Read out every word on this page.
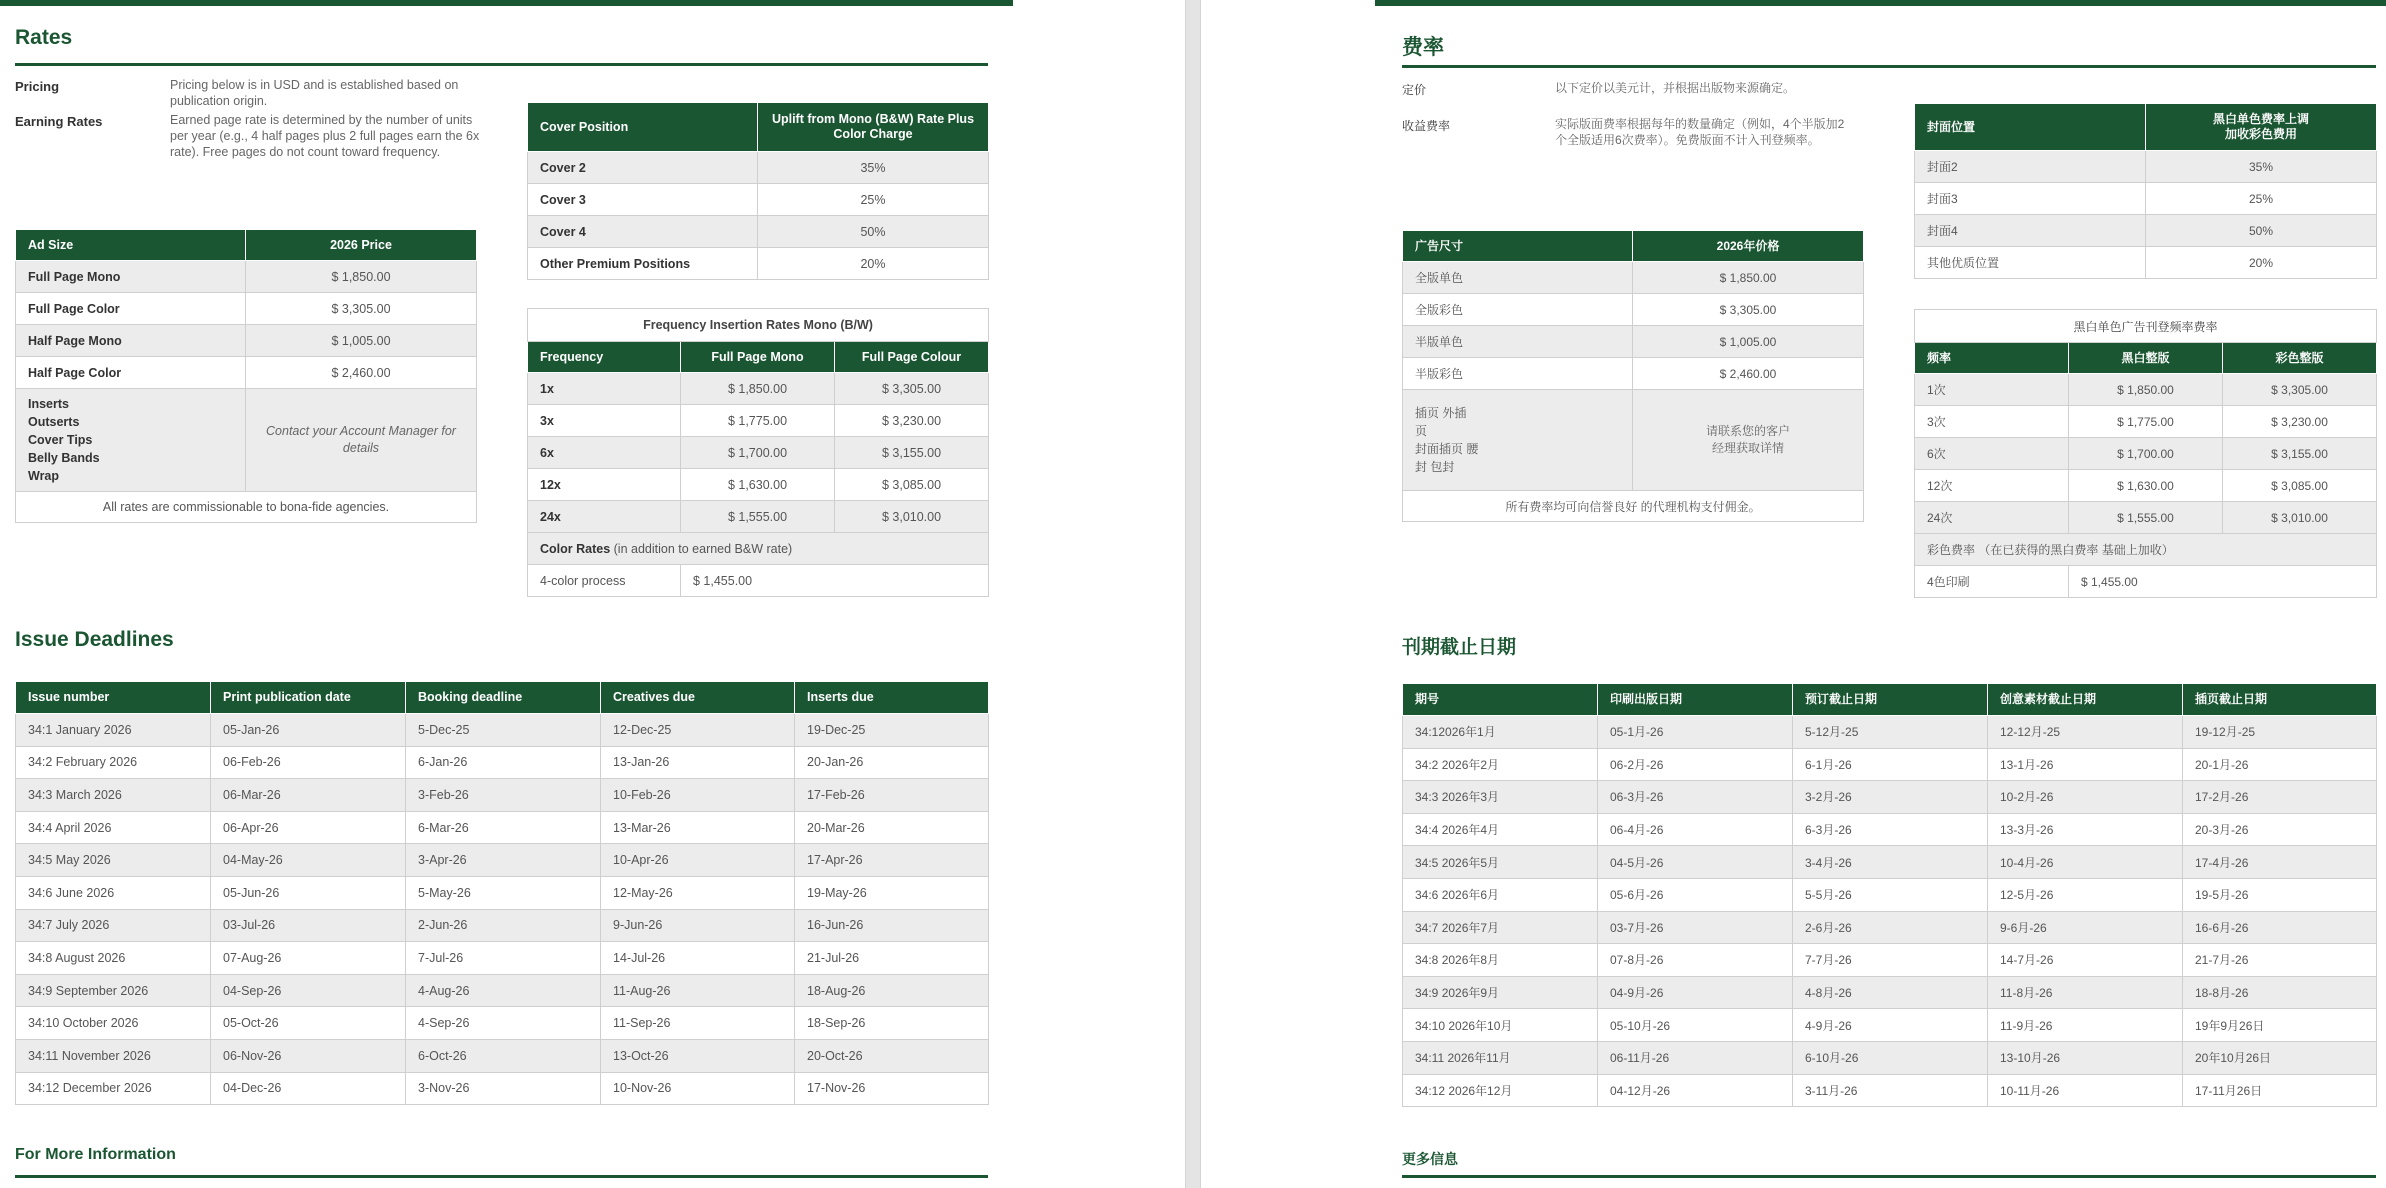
Rates
Pricing	Pricing below is in USD and is established based on publication origin.
Earning Rates	Earned page rate is determined by the number of units per year (e.g., 4 half pages plus 2 full pages earn the 6x rate). Free pages do not count toward frequency.
Ad Size	2026 Price
Full Page Mono	$ 1,850.00
Full Page Color	$ 3,305.00
Half Page Mono	$ 1,005.00
Half Page Color	$ 2,460.00

Inserts
Outserts
Cover Tips
Belly Bands
Wrap	Contact your Account Manager for details
All rates are commissionable to bona-fide agencies.	
Cover Position	Uplift from Mono (B&W) Rate Plus Color Charge
Cover 2	35%
Cover 3	25%
Cover 4	50%
Other Premium Positions	20%
Frequency Insertion Rates Mono (B/W)		
Frequency	Full Page Mono	Full Page Colour
1x	$ 1,850.00	$ 3,305.00
3x	$ 1,775.00	$ 3,230.00
6x	$ 1,700.00	$ 3,155.00
12x	$ 1,630.00	$ 3,085.00
24x	$ 1,555.00	$ 3,010.00
Color Rates (in addition to earned B&W rate)		
4-color process	$ 1,455.00	
Issue Deadlines
Issue number	Print publication date	Booking deadline	Creatives due	Inserts due
34:1 January 2026	05-Jan-26	5-Dec-25	12-Dec-25	19-Dec-25
34:2 February 2026	06-Feb-26	6-Jan-26	13-Jan-26	20-Jan-26
34:3 March 2026	06-Mar-26	3-Feb-26	10-Feb-26	17-Feb-26
34:4 April 2026	06-Apr-26	6-Mar-26	13-Mar-26	20-Mar-26
34:5 May 2026	04-May-26	3-Apr-26	10-Apr-26	17-Apr-26
34:6 June 2026	05-Jun-26	5-May-26	12-May-26	19-May-26
34:7 July 2026	03-Jul-26	2-Jun-26	9-Jun-26	16-Jun-26
34:8 August 2026	07-Aug-26	7-Jul-26	14-Jul-26	21-Jul-26
34:9 September 2026	04-Sep-26	4-Aug-26	11-Aug-26	18-Aug-26
34:10 October 2026	05-Oct-26	4-Sep-26	11-Sep-26	18-Sep-26
34:11 November 2026	06-Nov-26	6-Oct-26	13-Oct-26	20-Oct-26
34:12 December 2026	04-Dec-26	3-Nov-26	10-Nov-26	17-Nov-26
For More Information
费率
定价	以下定价以美元计，并根据出版物来源确定。
收益费率	实际版面费率根据每年的数量确定（例如，4个半版加2个全版适用6次费率）。免费版面不计入刊登频率。
广告尺寸	2026年价格
全版单色	$ 1,850.00
全版彩色	$ 3,305.00
半版单色	$ 1,005.00
半版彩色	$ 2,460.00

插页 外插
页
封面插页 腰
封 包封	请联系您的客户经理获取详情
所有费率均可向信誉良好 的代理机构支付佣金。	
封面位置	黑白单色费率上调 加收彩色费用
封面2	35%
封面3	25%
封面4	50%
其他优质位置	20%
黑白单色广告刊登频率费率		
频率	黑白整版	彩色整版
1次	$ 1,850.00	$ 3,305.00
3次	$ 1,775.00	$ 3,230.00
6次	$ 1,700.00	$ 3,155.00
12次	$ 1,630.00	$ 3,085.00
24次	$ 1,555.00	$ 3,010.00
彩色费率 （在已获得的黑白费率 基础上加收）		
4色印刷	$ 1,455.00	
刊期截止日期
期号	印刷出版日期	预订截止日期	创意素材截止日期	插页截止日期
34:12026年1月	05-1月-26	5-12月-25	12-12月-25	19-12月-25
34:2 2026年2月	06-2月-26	6-1月-26	13-1月-26	20-1月-26
34:3 2026年3月	06-3月-26	3-2月-26	10-2月-26	17-2月-26
34:4 2026年4月	06-4月-26	6-3月-26	13-3月-26	20-3月-26
34:5 2026年5月	04-5月-26	3-4月-26	10-4月-26	17-4月-26
34:6 2026年6月	05-6月-26	5-5月-26	12-5月-26	19-5月-26
34:7 2026年7月	03-7月-26	2-6月-26	9-6月-26	16-6月-26
34:8 2026年8月	07-8月-26	7-7月-26	14-7月-26	21-7月-26
34:9 2026年9月	04-9月-26	4-8月-26	11-8月-26	18-8月-26
34:10 2026年10月	05-10月-26	4-9月-26	11-9月-26	19年9月26日
34:11 2026年11月	06-11月-26	6-10月-26	13-10月-26	20年10月26日
34:12 2026年12月	04-12月-26	3-11月-26	10-11月-26	17-11月26日
更多信息
